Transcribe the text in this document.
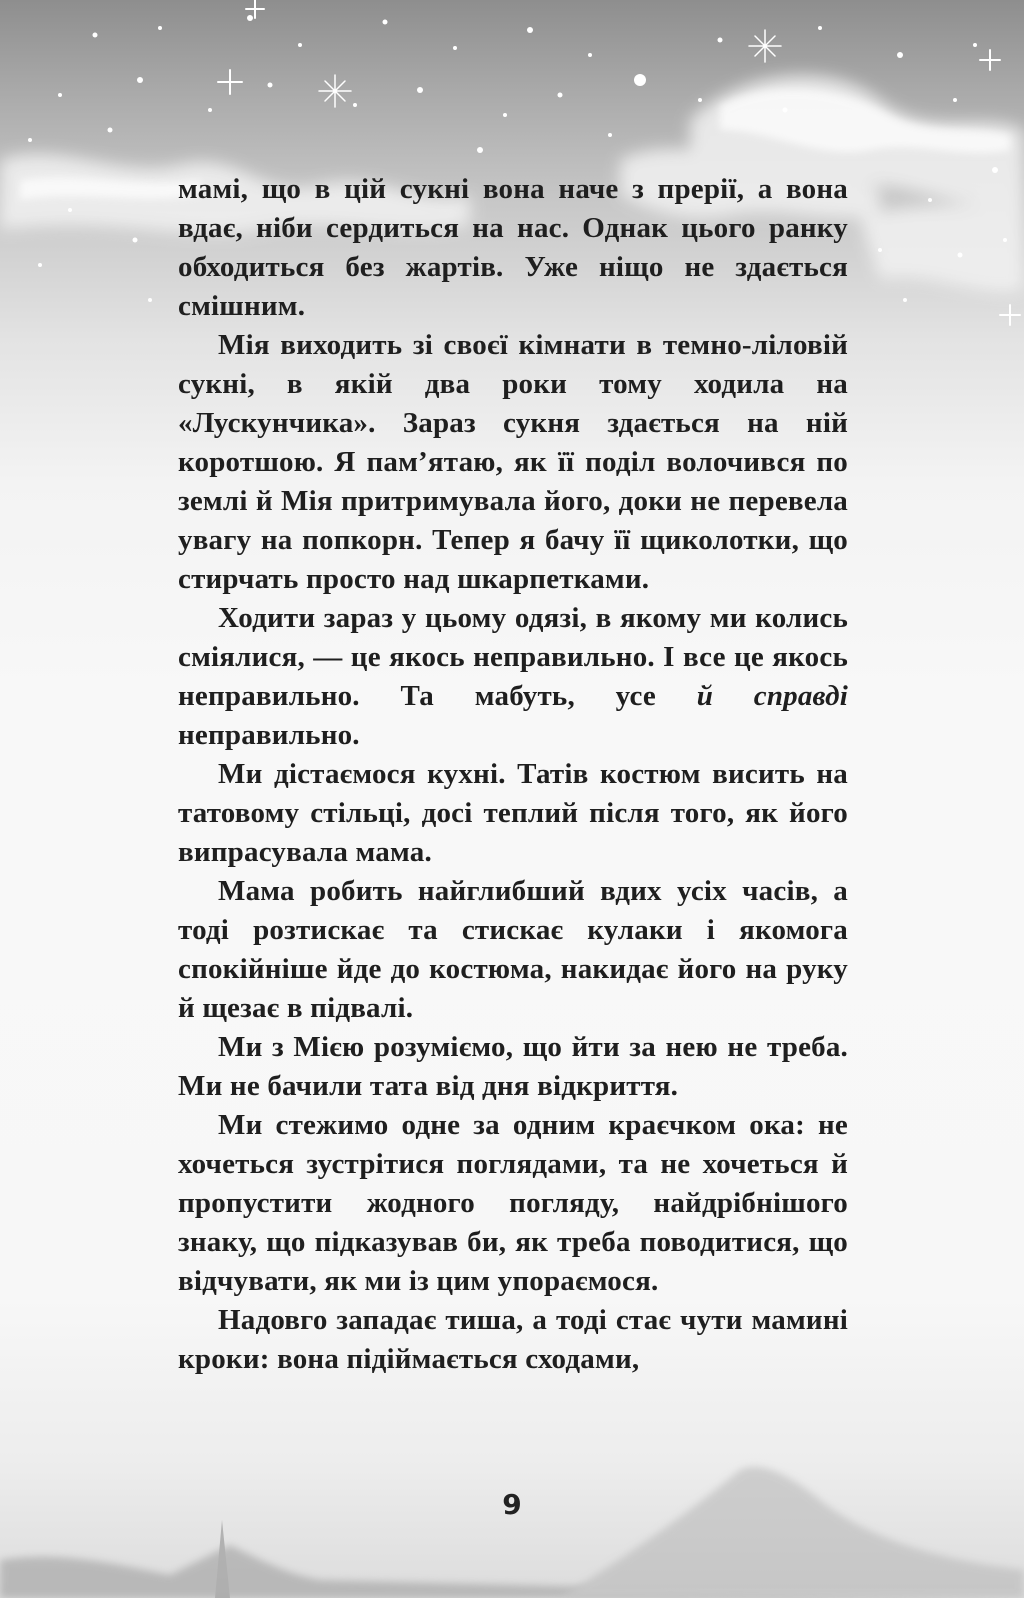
мамі, що в цій сукні вона наче з прерії, а вона вдає, ніби сердиться на нас. Однак цього ранку обходиться без жартів. Уже ніщо не здається смішним.

Мія виходить зі своєї кімнати в темно-ліловій сукні, в якій два роки тому ходила на «Лускунчика». Зараз сукня здається на ній коротшою. Я пам’ятаю, як її поділ волочився по землі й Мія притримувала його, доки не перевела увагу на попкорн. Тепер я бачу її щиколотки, що стирчать просто над шкарпетками.

Ходити зараз у цьому одязі, в якому ми колись сміялися, — це якось неправильно. І все це якось неправильно. Та мабуть, усе й справді неправильно.

Ми дістаємося кухні. Татів костюм висить на татовому стільці, досі теплий після того, як його випрасувала мама.

Мама робить найглибший вдих усіх часів, а тоді розтискає та стискає кулаки і якомога спокійніше йде до костюма, накидає його на руку й щезає в підвалі.

Ми з Мією розуміємо, що йти за нею не треба. Ми не бачили тата від дня відкриття.

Ми стежимо одне за одним краєчком ока: не хочеться зустрітися поглядами, та не хочеться й пропустити жодного погляду, найдрібнішого знаку, що підказував би, як треба поводитися, що відчувати, як ми із цим упораємося.

Надовго западає тиша, а тоді стає чути мамині кроки: вона підіймається сходами,

9
